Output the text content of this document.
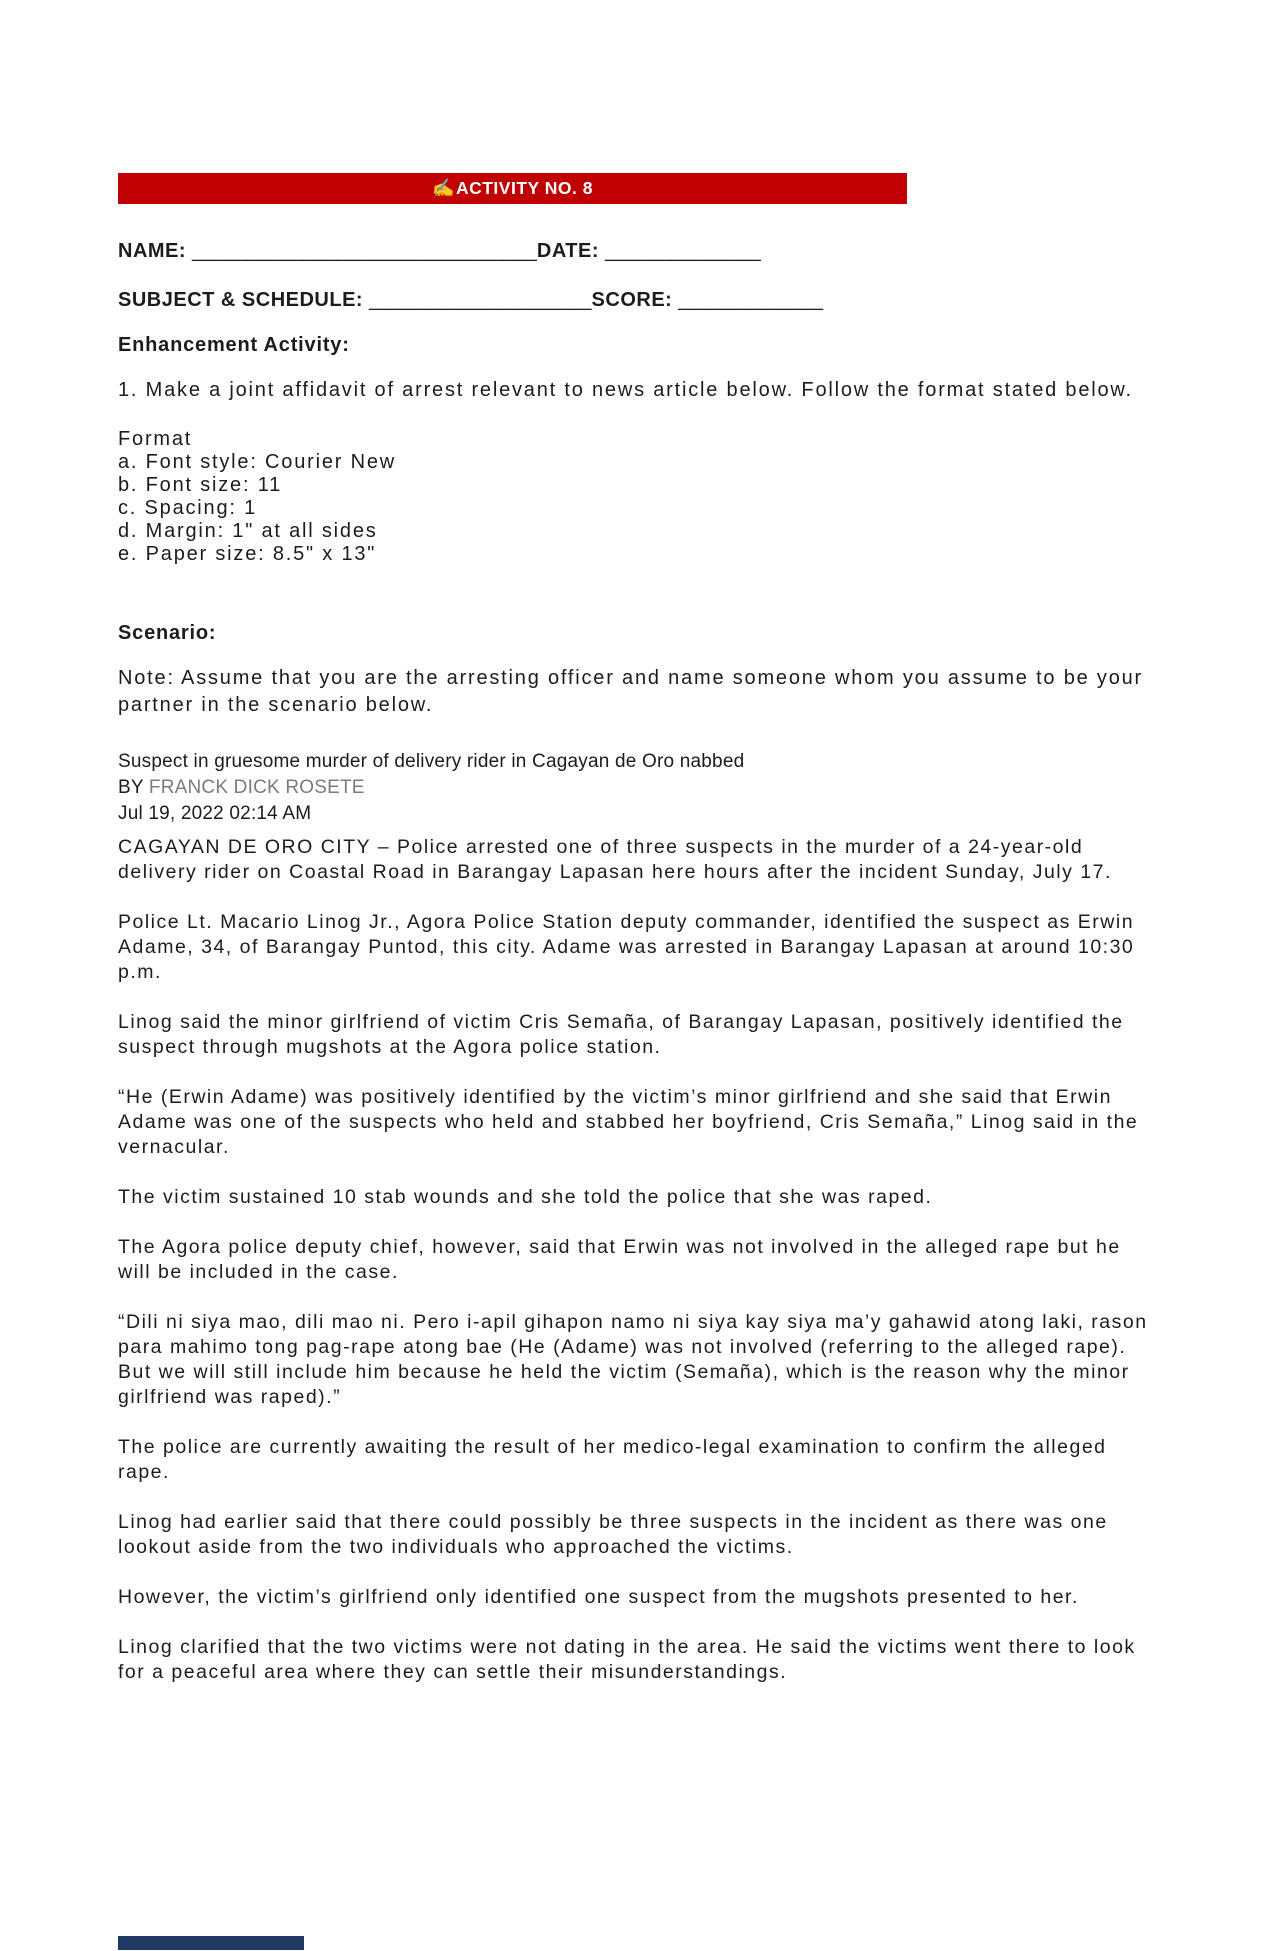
✍ ACTIVITY NO. 8
NAME: _______________________________ DATE: ______________
SUBJECT & SCHEDULE: ____________________ SCORE: _____________
Enhancement Activity:
1. Make a joint affidavit of arrest relevant to news article below. Follow the format stated below.
Format
a. Font style: Courier New
b. Font size: 11
c. Spacing: 1
d. Margin: 1" at all sides
e. Paper size: 8.5" x 13"
Scenario:
Note: Assume that you are the arresting officer and name someone whom you assume to be your partner in the scenario below.
Suspect in gruesome murder of delivery rider in Cagayan de Oro nabbed
BY FRANCK DICK ROSETE
Jul 19, 2022 02:14 AM

CAGAYAN DE ORO CITY – Police arrested one of three suspects in the murder of a 24-year-old delivery rider on Coastal Road in Barangay Lapasan here hours after the incident Sunday, July 17.

Police Lt. Macario Linog Jr., Agora Police Station deputy commander, identified the suspect as Erwin Adame, 34, of Barangay Puntod, this city. Adame was arrested in Barangay Lapasan at around 10:30 p.m.

Linog said the minor girlfriend of victim Cris Semaña, of Barangay Lapasan, positively identified the suspect through mugshots at the Agora police station.

“He (Erwin Adame) was positively identified by the victim’s minor girlfriend and she said that Erwin Adame was one of the suspects who held and stabbed her boyfriend, Cris Semaña,” Linog said in the vernacular.

The victim sustained 10 stab wounds and she told the police that she was raped.

The Agora police deputy chief, however, said that Erwin was not involved in the alleged rape but he will be included in the case.

“Dili ni siya mao, dili mao ni. Pero i-apil gihapon namo ni siya kay siya ma’y gahawid atong laki, rason para mahimo tong pag-rape atong bae (He (Adame) was not involved (referring to the alleged rape). But we will still include him because he held the victim (Semaña), which is the reason why the minor girlfriend was raped).”

The police are currently awaiting the result of her medico-legal examination to confirm the alleged rape.

Linog had earlier said that there could possibly be three suspects in the incident as there was one lookout aside from the two individuals who approached the victims.

However, the victim’s girlfriend only identified one suspect from the mugshots presented to her.

Linog clarified that the two victims were not dating in the area. He said the victims went there to look for a peaceful area where they can settle their misunderstandings.
